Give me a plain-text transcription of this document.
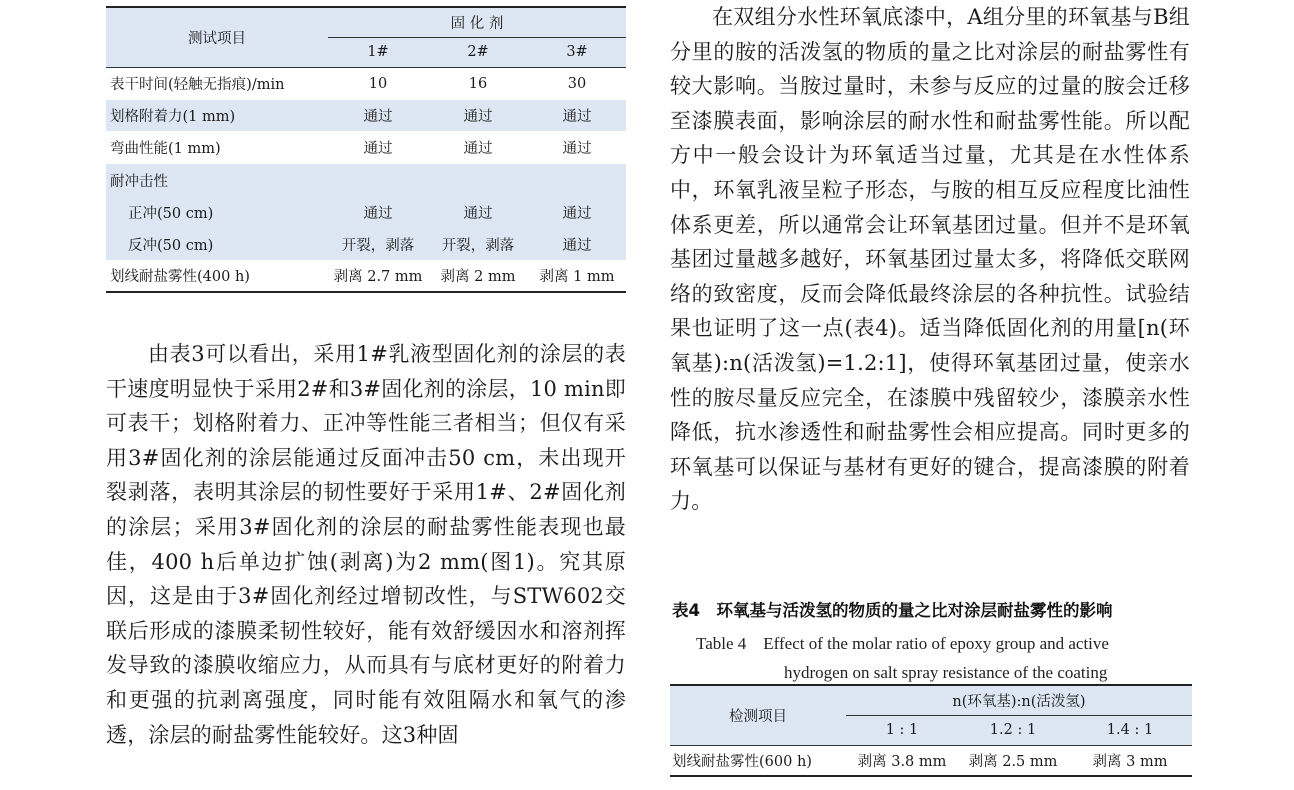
测试项目	固 化 剂		
	1#	2#	3#
表干时间(轻触无指痕)/min	10	16	30
划格附着力(1 mm)	通过	通过	通过
弯曲性能(1 mm)	通过	通过	通过
耐冲击性			
正冲(50 cm)	通过	通过	通过
反冲(50 cm)	开裂，剥落	开裂，剥落	通过
划线耐盐雾性(400 h)	剥离 2.7 mm	剥离 2 mm	剥离 1 mm

由表3可以看出，采用1#乳液型固化剂的涂层的表干速度明显快于采用2#和3#固化剂的涂层，10 min即可表干；划格附着力、正冲等性能三者相当；但仅有采用3#固化剂的涂层能通过反面冲击50 cm，未出现开裂剥落，表明其涂层的韧性要好于采用1#、2#固化剂的涂层；采用3#固化剂的涂层的耐盐雾性能表现也最佳，400 h后单边扩蚀(剥离)为2 mm(图1)。究其原因，这是由于3#固化剂经过增韧改性，与STW602交联后形成的漆膜柔韧性较好，能有效舒缓因水和溶剂挥发导致的漆膜收缩应力，从而具有与底材更好的附着力和更强的抗剥离强度，同时能有效阻隔水和氧气的渗透，涂层的耐盐雾性能较好。这3种固

在双组分水性环氧底漆中，A组分里的环氧基与B组分里的胺的活泼氢的物质的量之比对涂层的耐盐雾性有较大影响。当胺过量时，未参与反应的过量的胺会迁移至漆膜表面，影响涂层的耐水性和耐盐雾性能。所以配方中一般会设计为环氧适当过量，尤其是在水性体系中，环氧乳液呈粒子形态，与胺的相互反应程度比油性体系更差，所以通常会让环氧基团过量。但并不是环氧基团过量越多越好，环氧基团过量太多，将降低交联网络的致密度，反而会降低最终涂层的各种抗性。试验结果也证明了这一点(表4)。适当降低固化剂的用量[n(环氧基):n(活泼氢)=1.2:1]，使得环氧基团过量，使亲水性的胺尽量反应完全，在漆膜中残留较少，漆膜亲水性降低，抗水渗透性和耐盐雾性会相应提高。同时更多的环氧基可以保证与基材有更好的键合，提高漆膜的附着力。

表4　环氧基与活泼氢的物质的量之比对涂层耐盐雾性的影响
Table 4　Effect of the molar ratio of epoxy group and active
hydrogen on salt spray resistance of the coating
检测项目	n(环氧基):n(活泼氢)		
	1 : 1	1.2 : 1	1.4 : 1
划线耐盐雾性(600 h)	剥离 3.8 mm	剥离 2.5 mm	剥离 3 mm
